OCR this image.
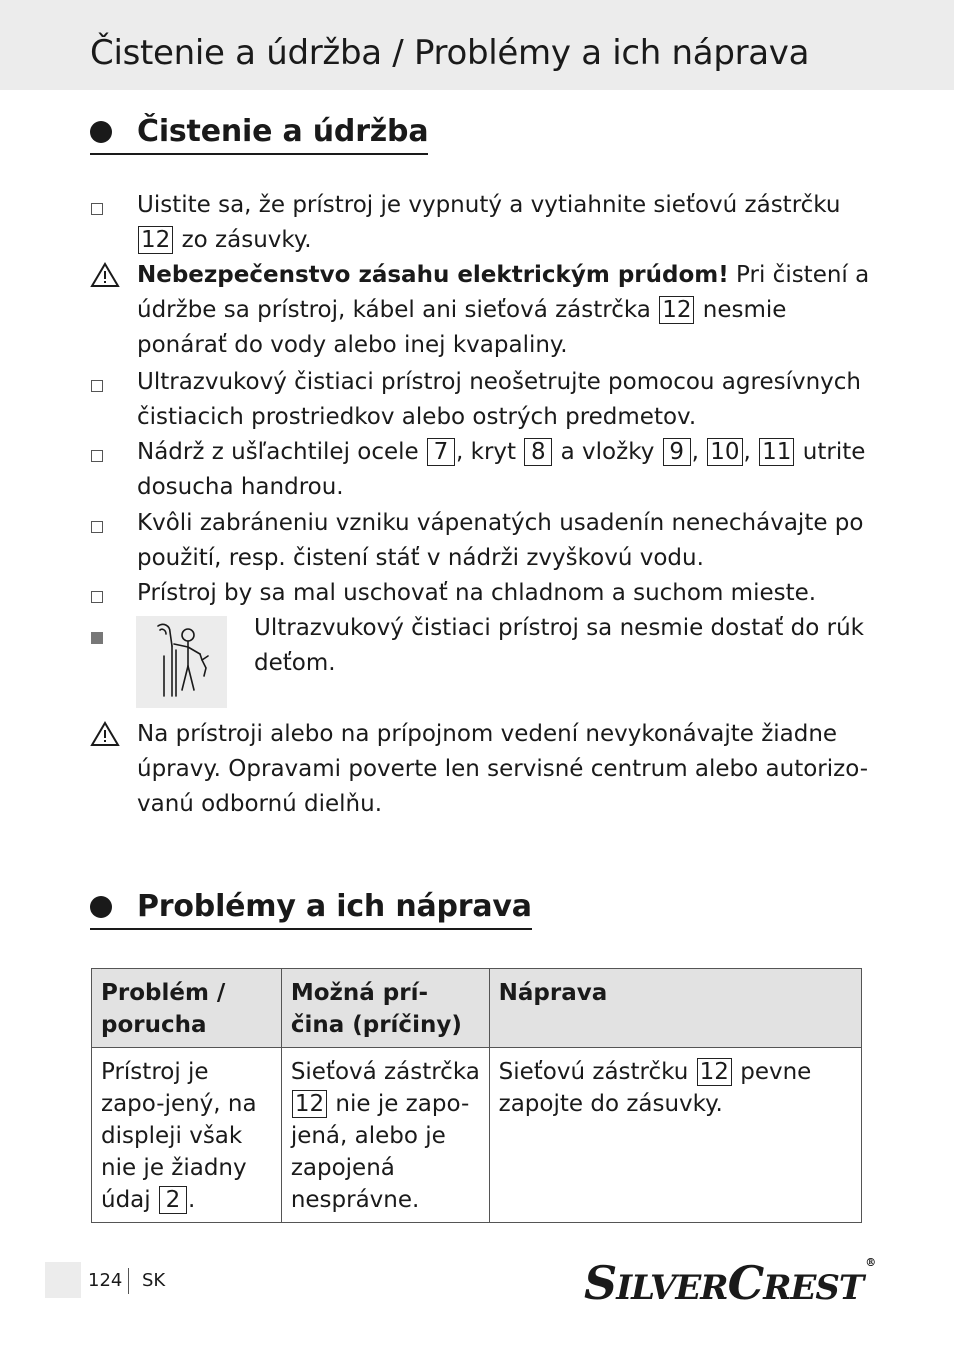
Čistenie a údržba / Problémy a ich náprava
Čistenie a údržba
Uistite sa, že prístroj je vypnutý a vytiahnite sieťovú zástrčku 12 zo zásuvky.
Nebezpečenstvo zásahu elektrickým prúdom! Pri čistení a údržbe sa prístroj, kábel ani sieťová zástrčka 12 nesmie ponárať do vody alebo inej kvapaliny.
Ultrazvukový čistiaci prístroj neošetrujte pomocou agresívnych čistiacich prostriedkov alebo ostrých predmetov.
Nádrž z ušľachtilej ocele 7 , kryt 8 a vložky 9 , 10 , 11 utrite dosucha handrou.
Kvôli zabráneniu vzniku vápenatých usadenín nenechávajte po použití, resp. čistení stáť v nádrži zvyškovú vodu.
Prístroj by sa mal uschovať na chladnom a suchom mieste.
Ultrazvukový čistiaci prístroj sa nesmie dostať do rúk deťom.
Na prístroji alebo na prípojnom vedení nevykonávajte žiadne úpravy. Opravami poverte len servisné centrum alebo autorizo-vanú odbornú dielňu.
Problémy a ich náprava
Problém / porucha	Možná prí-čina (príčiny)	Náprava
Prístroj je zapo-jený, na displeji však nie je žiadny údaj 2 .	Sieťová zástrčka 12 nie je zapo-jená, alebo je zapojená nesprávne.	Sieťovú zástrčku 12 pevne zapojte do zásuvky.
124	SK	SILVERCREST®
